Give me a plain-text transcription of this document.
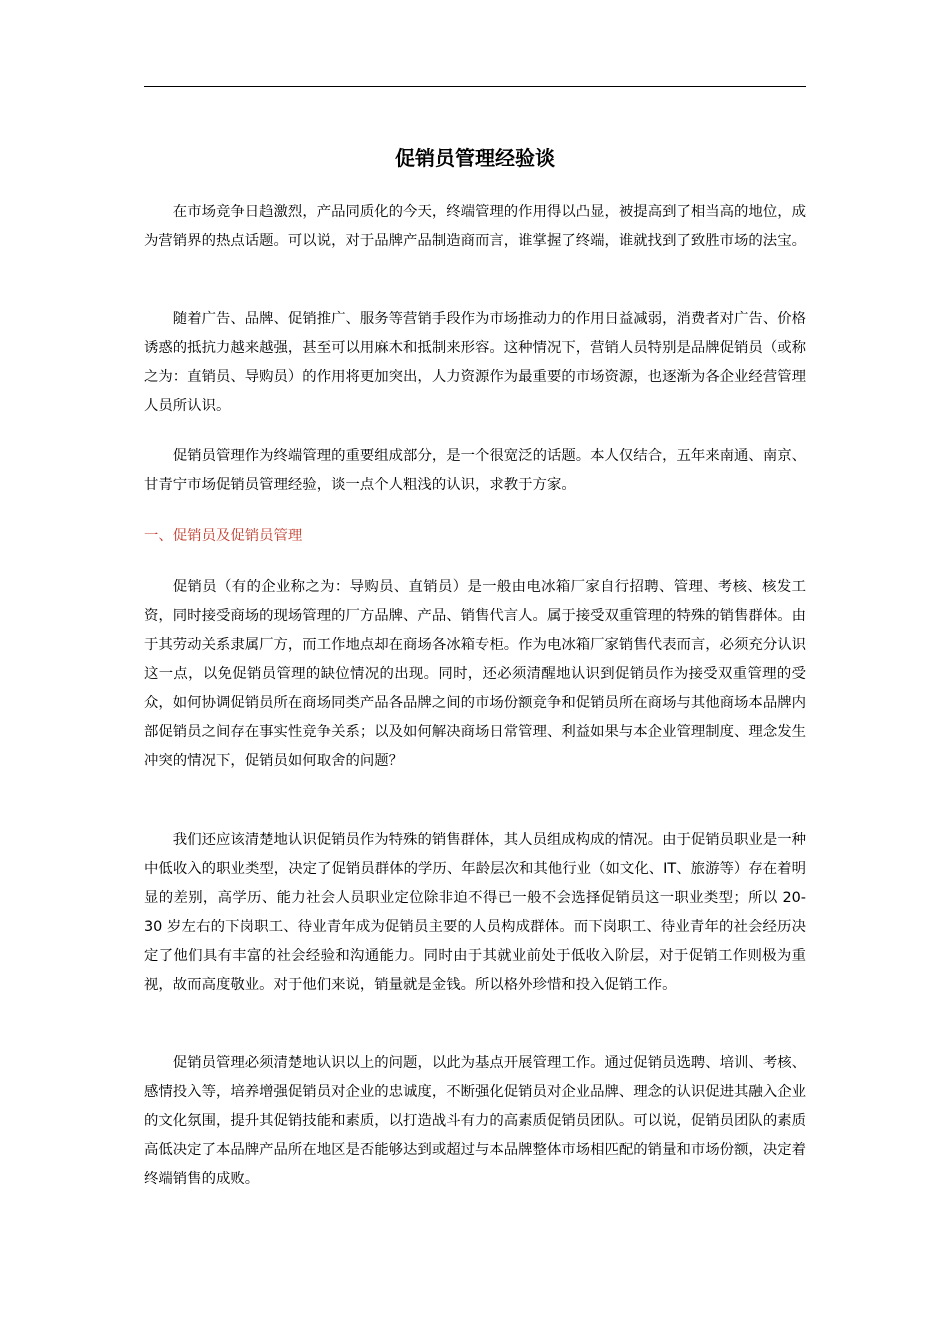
促销员管理经验谈

在市场竞争日趋激烈，产品同质化的今天，终端管理的作用得以凸显，被提高到了相当高的地位，成为营销界的热点话题。可以说，对于品牌产品制造商而言，谁掌握了终端，谁就找到了致胜市场的法宝。

随着广告、品牌、促销推广、服务等营销手段作为市场推动力的作用日益减弱，消费者对广告、价格诱惑的抵抗力越来越强，甚至可以用麻木和抵制来形容。这种情况下，营销人员特别是品牌促销员（或称之为：直销员、导购员）的作用将更加突出，人力资源作为最重要的市场资源，也逐渐为各企业经营管理人员所认识。

促销员管理作为终端管理的重要组成部分，是一个很宽泛的话题。本人仅结合，五年来南通、南京、甘青宁市场促销员管理经验，谈一点个人粗浅的认识，求教于方家。

一、促销员及促销员管理

促销员（有的企业称之为：导购员、直销员）是一般由电冰箱厂家自行招聘、管理、考核、核发工资，同时接受商场的现场管理的厂方品牌、产品、销售代言人。属于接受双重管理的特殊的销售群体。由于其劳动关系隶属厂方，而工作地点却在商场各冰箱专柜。作为电冰箱厂家销售代表而言，必须充分认识这一点，以免促销员管理的缺位情况的出现。同时，还必须清醒地认识到促销员作为接受双重管理的受众，如何协调促销员所在商场同类产品各品牌之间的市场份额竞争和促销员所在商场与其他商场本品牌内部促销员之间存在事实性竞争关系；以及如何解决商场日常管理、利益如果与本企业管理制度、理念发生冲突的情况下，促销员如何取舍的问题？

我们还应该清楚地认识促销员作为特殊的销售群体，其人员组成构成的情况。由于促销员职业是一种中低收入的职业类型，决定了促销员群体的学历、年龄层次和其他行业（如文化、IT、旅游等）存在着明显的差别，高学历、能力社会人员职业定位除非迫不得已一般不会选择促销员这一职业类型；所以 20-30 岁左右的下岗职工、待业青年成为促销员主要的人员构成群体。而下岗职工、待业青年的社会经历决定了他们具有丰富的社会经验和沟通能力。同时由于其就业前处于低收入阶层，对于促销工作则极为重视，故而高度敬业。对于他们来说，销量就是金钱。所以格外珍惜和投入促销工作。

促销员管理必须清楚地认识以上的问题，以此为基点开展管理工作。通过促销员选聘、培训、考核、感情投入等，培养增强促销员对企业的忠诚度，不断强化促销员对企业品牌、理念的认识促进其融入企业的文化氛围，提升其促销技能和素质，以打造战斗有力的高素质促销员团队。可以说，促销员团队的素质高低决定了本品牌产品所在地区是否能够达到或超过与本品牌整体市场相匹配的销量和市场份额，决定着终端销售的成败。
